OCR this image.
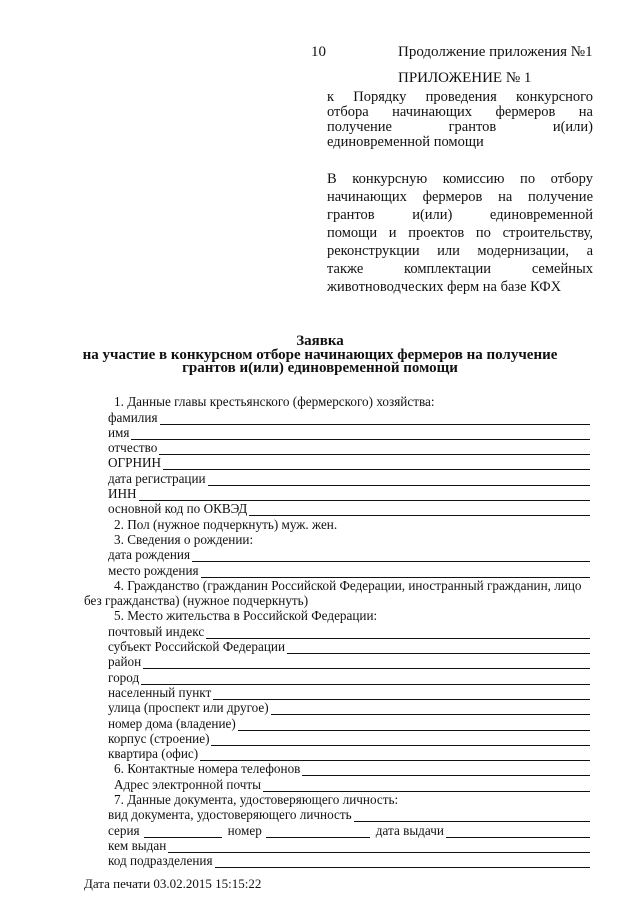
10	Продолжение приложения №1
ПРИЛОЖЕНИЕ № 1
к Порядку проведения конкурсного
отбора начинающих фермеров на
получение грантов и(или)
единовременной помощи
В конкурсную комиссию по отбору
начинающих фермеров на получение
грантов и(или) единовременной
помощи и проектов по строительству,
реконструкции или модернизации, а
также комплектации семейных
животноводческих ферм на базе КФХ
Заявка
на участие в конкурсном отборе начинающих фермеров на получение
грантов и(или) единовременной помощи
1. Данные главы крестьянского (фермерского) хозяйства:
фамилия
имя
отчество
ОГРНИН
дата регистрации
ИНН
основной код по ОКВЭД
2. Пол (нужное подчеркнуть) муж. жен.
3. Сведения о рождении:
дата рождения
место рождения
4. Гражданство (гражданин Российской Федерации, иностранный гражданин, лицо
без гражданства) (нужное подчеркнуть)
5. Место жительства в Российской Федерации:
почтовый индекс
субъект Российской Федерации
район
город
населенный пункт
улица (проспект или другое)
номер дома (владение)
корпус (строение)
квартира (офис)
6. Контактные номера телефонов
Адрес электронной почты
7. Данные документа, удостоверяющего личность:
вид документа, удостоверяющего личность
серия	номер	дата выдачи
кем выдан
код подразделения
Дата печати 03.02.2015 15:15:22
